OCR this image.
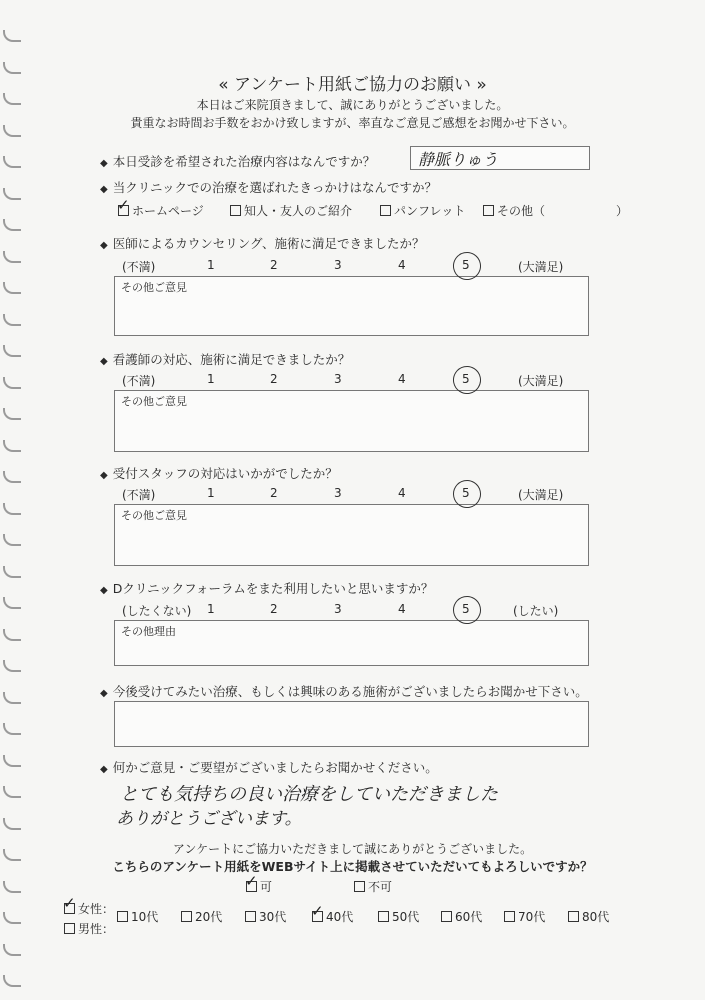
« アンケート用紙ご協力のお願い »
本日はご来院頂きまして、誠にありがとうございました。
貴重なお時間お手数をおかけ致しますが、率直なご意見ご感想をお聞かせ下さい。
◆ 本日受診を希望された治療内容はなんですか？	静脈りゅう
◆ 当クリニックでの治療を選ばれたきっかけはなんですか？
✓ ホームページ	知人・友人のご紹介	パンフレット	その他（	）
◆ 医師によるカウンセリング、施術に満足できましたか？
(不満)	(大満足)
その他ご意見
◆ 看護師の対応、施術に満足できましたか？
(不満)	(大満足)
その他ご意見
◆ 受付スタッフの対応はいかがでしたか？
(不満)	(大満足)
その他ご意見
◆ Dクリニックフォーラムをまた利用したいと思いますか？
(したくない)	(したい)
その他理由
◆ 今後受けてみたい治療、もしくは興味のある施術がございましたらお聞かせ下さい。
◆ 何かご意見・ご要望がございましたらお聞かせください。
とても気持ちの良い治療をしていただきました
ありがとうございます。
アンケートにご協力いただきまして誠にありがとうございました。
こちらのアンケート用紙をWEBサイト上に掲載させていただいてもよろしいですか？
✓ 可	不可
✓ 女性：
男性：
10代	20代	30代 ✓ 40代	50代	60代	70代	80代
1	2	3	4	5
1	2	3	4	5
1	2	3	4	5
1	2	3	4	5
